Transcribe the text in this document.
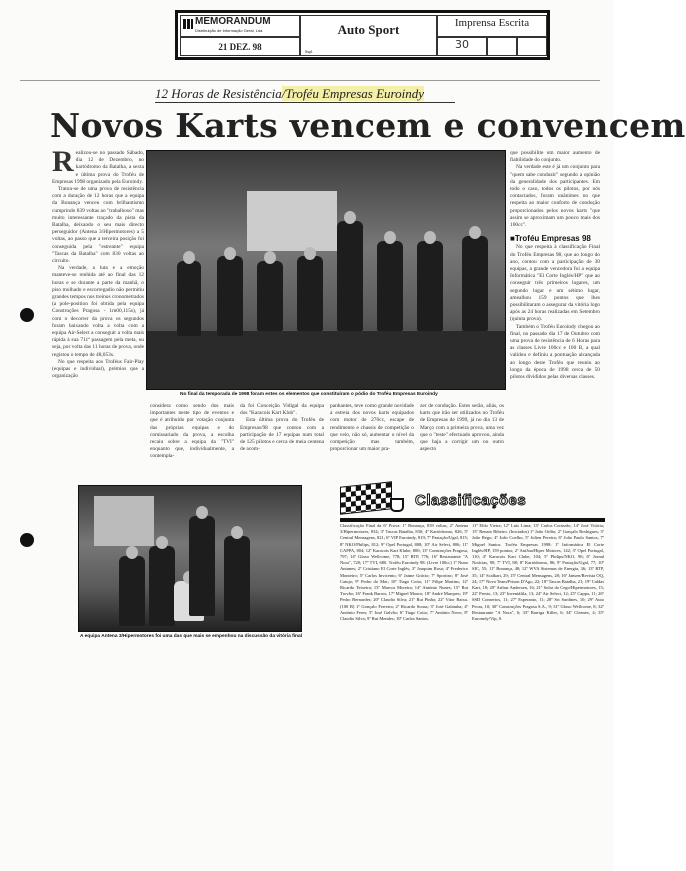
MEMORANDUM
Distribuição de Informação Geral, Lda
21 DEZ. 98
Auto Sport
Supl.
Imprensa Escrita
30
12 Horas de Resistência/Troféu Empresas Euroindy
Novos Karts vencem e convencem
R ealizou-se no passado Sábado, dia 12 de Dezembro, no kartódromo da Batalha, a sexta e última prova do Troféu de Empresas 1998 organizado pela Euroindy.

Tratou-se de uma prova de resistência com a duração de 12 horas que a equipa da Bonança venceu com brilhantismo cumprindo 839 voltas ao "trabalhoso" mas muito interessante traçado da pista da Batalha, deixando o seu mais directo perseguidor (Antena 3/Hipermotores) a 5 voltas, ao passo que a terceira posição foi conseguida pela "estreante" equipa "Tascas da Batalha" com 830 voltas ao circuito.

Na verdade, a luta e a emoção manteve-se renhida até ao final das 12 horas e se durante a parte da manhã, o piso molhado e escorregadio não permitiu grandes tempos nos treinos cronometrados (a pole-position foi obtida pela equipa Construções Pragosa - 1m00,115s), já com o decorrer da prova os segundos foram baixando volta a volta com a equipa Air-Select a conseguir a volta mais rápida à sua 711ª passagem pela meta, ou seja, por volta das 11 horas de prova, onde registou o tempo de 48,053s.

No que respeita aos Troféus Fair-Play (equipas e individual), prémios que a organização

No final da temporada de 1998 foram estes os elementos que constituíram o pódio do Troféu Empresas Euroindy

considera como sendo dos mais importantes neste tipo de eventos e que é atribuído por votação conjunta das próprias equipas e do comissariado da prova, a escolha recaiu sobre a equipa da "TVI" enquanto que, individualmente, a contempla-

da foi Conceição Vidigal da equipa dos "Karacois Kart Klub".

Esta última prova do Troféu de Empresas/98 que contou com a participação de 17 equipas num total de 125 pilotos e cerca de meia centena de acom-

panhantes, teve como grande novidade a estreia dos novos karts equipados com motor de 270cc, escape de rendimento e chassis de competição o que veio, não só, aumentar o nível da competição mas também, proporcionar um maior pra-

zer de condução. Estes serão, aliás, os karts que irão ser utilizados no Troféu de Empresas de 1999, já no dia 13 de Março com a primeira prova, uma vez que o "teste" efectuado aprovou, ainda que haja a corrigir um ou outro aspecto

que possibilite um maior aumento de fiabilidade do conjunto.

Na verdade este é já um conjunto para "quem sabe conduzir" segundo a opinião da generalidade dos participantes. Em todo o caso, todos os pilotos, por nós contactados, foram unânimes no que respeita ao maior conforto de condução proporcionados pelos novos karts "que assim se aproximam um pouco mais dos 100cc".

■ Troféu Empresas 98

No que respeita à classificação Final do Troféu Empresas 98, que ao longo do ano, contou com a participação de 30 equipas, a grande vencedora foi a equipa Informática "El Corte Inglés/HP" que ao conseguir três primeiros lugares, um segundo lugar e um sétimo lugar, amealhou 159 pontos que lhes possibilitaram o assegurar da vitória logo após as 24 horas realizadas em Setembro (quinta prova).

Também o Troféu Euroindy chegou ao final, no passado dia 17 de Outubro com uma prova de resistência de 6 Horas para as classes Livre 100cc e 100 B, a qual validou e definiu a pontuação alcançada ao longo deste Troféu que reuniu ao longo da época de 1998 cerca de 50 pilotos divididos pelas diversas classes.

A equipa Antena 3/Hipermotores foi uma das que mais se empenhou na discussão da vitória final
Classificações
Classificação Final da 6ª Prova: 1º Bonança, 839 voltas; 2º Antena 3/Hipermotores, 834; 3º Tascas Batalha, 830; 4º Kartódromo, 826; 5º Central Mensagens, 821; 6º VIP Euroindy, 819; 7º Pastação/Ugal, 815; 8º NKO/Philips, 812; 9º Opel Portugal, 808; 10º Air Select, 806; 11º CAPPA, 804; 12º Karacois Kart Klube, 800; 13º Construções Pragosa, 797; 14º Glaxo Wellcome, 778; 15º RTP, 776; 16º Restaurante "A Nora", 720; 17º TVI, 680. Troféu Euroindy 98: (Livre 100cc) 1º Nuno Antunes; 2º Cristiano El Corte Inglés; 3º Joaquim Rosa; 4º Frederico Monteiro; 5º Carlos Invicento; 6º Jaime Grácio; 7º Sportinc; 8º José Catujo; 9º Pedro do Mar; 10º Tiago Coito; 11º Filipe Martins; 12º Ricardo Teixeira; 13º Marcos Moreira; 14º António Nunes; 15º Rui Trovão; 16º Frank Barros; 17º Miguel Mouro; 18º André Marques; 19º Pedro Bernardes; 20º Claudio Silva; 21º Rui Pinho; 22º Vitor Baixa. (100 B) 1º Gonçalo Ferreira; 2º Ricardo Sousa; 3º José Galamba; 4º António Feres; 5º José Galvão; 6º Tiago Coito; 7º António Novo; 8º Claudio Silva; 9º Rui Mendes; 10º Carlos Santos.
11º Eldo Vieira; 12º Luís Lima; 13º Carlos Cortezão; 14º José Vitória; 15º Renato Ribeiro. (Iniciados) 1º João Orfão; 2º Gonçalo Rodrigues; 3º João Rego; 4º João Coelho; 5º Julien Pereira; 6º João Paulo Santos; 7º Miguel Santos. Troféu Empresas 1998: 1º Informática El Corte Inglés/HP, 159 pontos; 2º Ant3na/Hiper Motores, 142; 3º Opel Portugal, 110; 4º Karacois Kart Clube, 104; 5º Philips/NKO, 96; 6º Jornal Notícias, 90; 7º TVI, 88; 8º Kartódromo, 86; 9º Pastação/Ugal, 77; 10º SIC, 55; 11º Bonança, 48; 12º WVA Sistemas de Energia, 36; 13º RTP, 35; 14º Scalkart, 29; 15º Central Mensagens, 28; 16º Jansen/Revista OQ, 24; 17º Nova Team/Prison D'Ago, 22; 18º Tascas Batalha, 21; 19º Caldas Kart, 18; 20º Arthur Andersen, 16; 21º Solar do Cego/Hipermotores, 15; 22º Presto, 13; 23º Inventáfila, 13; 24º Air Select, 12; 25º Cappa, 11; 26º SSD Consertos, 11; 27º Esperanto, 11; 28º Sri Sardines, 10; 29º Auto Pecas, 10; 30º Construções Pragosa S.A., 9; 31º Glaxo Wellcome, 8; 32º Restaurante "A Nora", 6; 33º Barriga Killer, 6; 34º Cleanex, 4; 35º Euroindy/Vip, 0.
